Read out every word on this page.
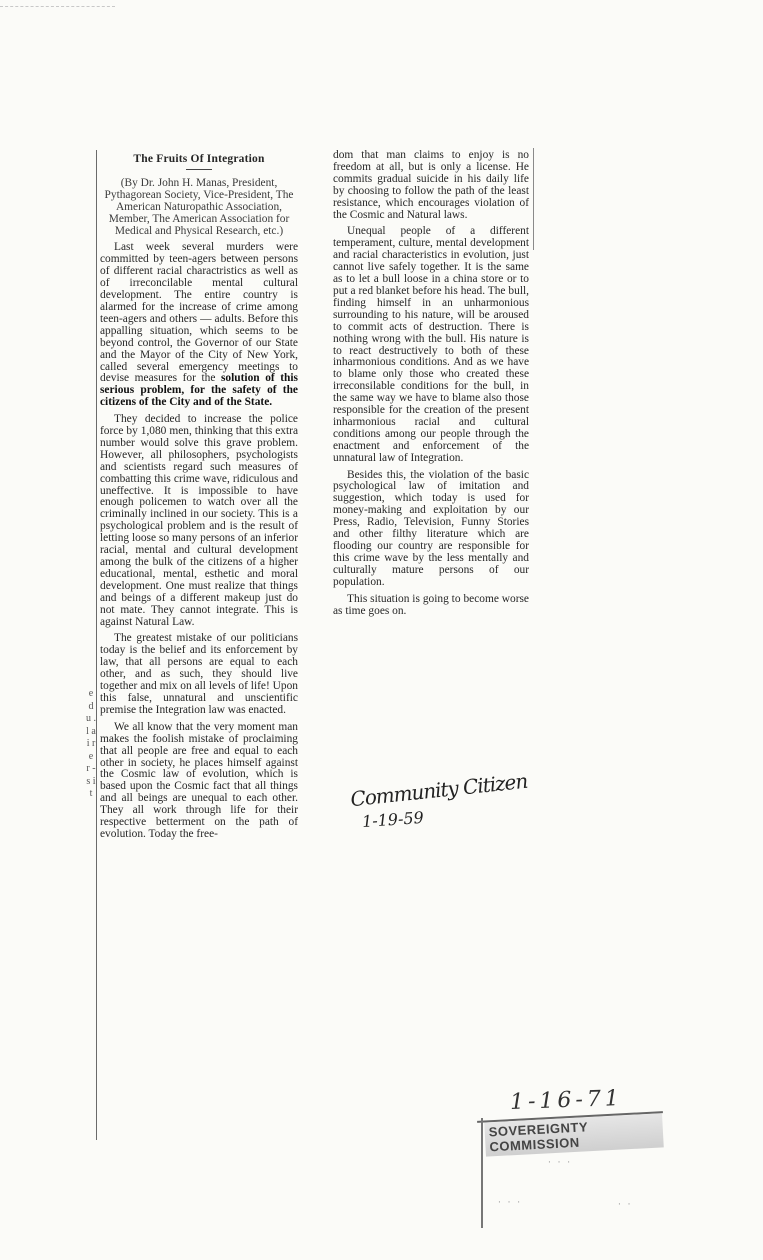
e d u . l a i r e r - s i t
The Fruits Of Integration

(By Dr. John H. Manas, President, Pythagorean Society, Vice-President, The American Naturopathic Association, Member, The American Association for Medical and Physical Research, etc.)

Last week several murders were committed by teen-agers between persons of different racial charactristics as well as of irreconcilable mental cultural development. The entire country is alarmed for the increase of crime among teen-agers and others — adults. Before this appalling situation, which seems to be beyond control, the Governor of our State and the Mayor of the City of New York, called several emergency meetings to devise measures for the solution of this serious problem, for the safety of the citizens of the City and of the State.

They decided to increase the police force by 1,080 men, thinking that this extra number would solve this grave problem. However, all philosophers, psychologists and scientists regard such measures of combatting this crime wave, ridiculous and uneffective. It is impossible to have enough policemen to watch over all the criminally inclined in our society. This is a psychological problem and is the result of letting loose so many persons of an inferior racial, mental and cultural development among the bulk of the citizens of a higher educational, mental, esthetic and moral development. One must realize that things and beings of a different makeup just do not mate. They cannot integrate. This is against Natural Law.

The greatest mistake of our politicians today is the belief and its enforcement by law, that all persons are equal to each other, and as such, they should live together and mix on all levels of life! Upon this false, unnatural and unscientific premise the Integration law was enacted.

We all know that the very moment man makes the foolish mistake of proclaiming that all people are free and equal to each other in society, he places himself against the Cosmic law of evolution, which is based upon the Cosmic fact that all things and all beings are unequal to each other. They all work through life for their respective betterment on the path of evolution. Today the free-

dom that man claims to enjoy is no freedom at all, but is only a license. He commits gradual suicide in his daily life by choosing to follow the path of the least resistance, which encourages violation of the Cosmic and Natural laws.

Unequal people of a different temperament, culture, mental development and racial characteristics in evolution, just cannot live safely together. It is the same as to let a bull loose in a china store or to put a red blanket before his head. The bull, finding himself in an unharmonious surrounding to his nature, will be aroused to commit acts of destruction. There is nothing wrong with the bull. His nature is to react destructively to both of these inharmonious conditions. And as we have to blame only those who created these irreconsilable conditions for the bull, in the same way we have to blame also those responsible for the creation of the present inharmonious racial and cultural conditions among our people through the enactment and enforcement of the unnatural law of Integration.

Besides this, the violation of the basic psychological law of imitation and suggestion, which today is used for money-making and exploitation by our Press, Radio, Television, Funny Stories and other filthy literature which are flooding our country are responsible for this crime wave by the less mentally and culturally mature persons of our population.

This situation is going to become worse as time goes on.

Community Citizen
1-19-59
1-16-71
SOVEREIGNTY COMMISSION
· · ·
· · ·	· ·
